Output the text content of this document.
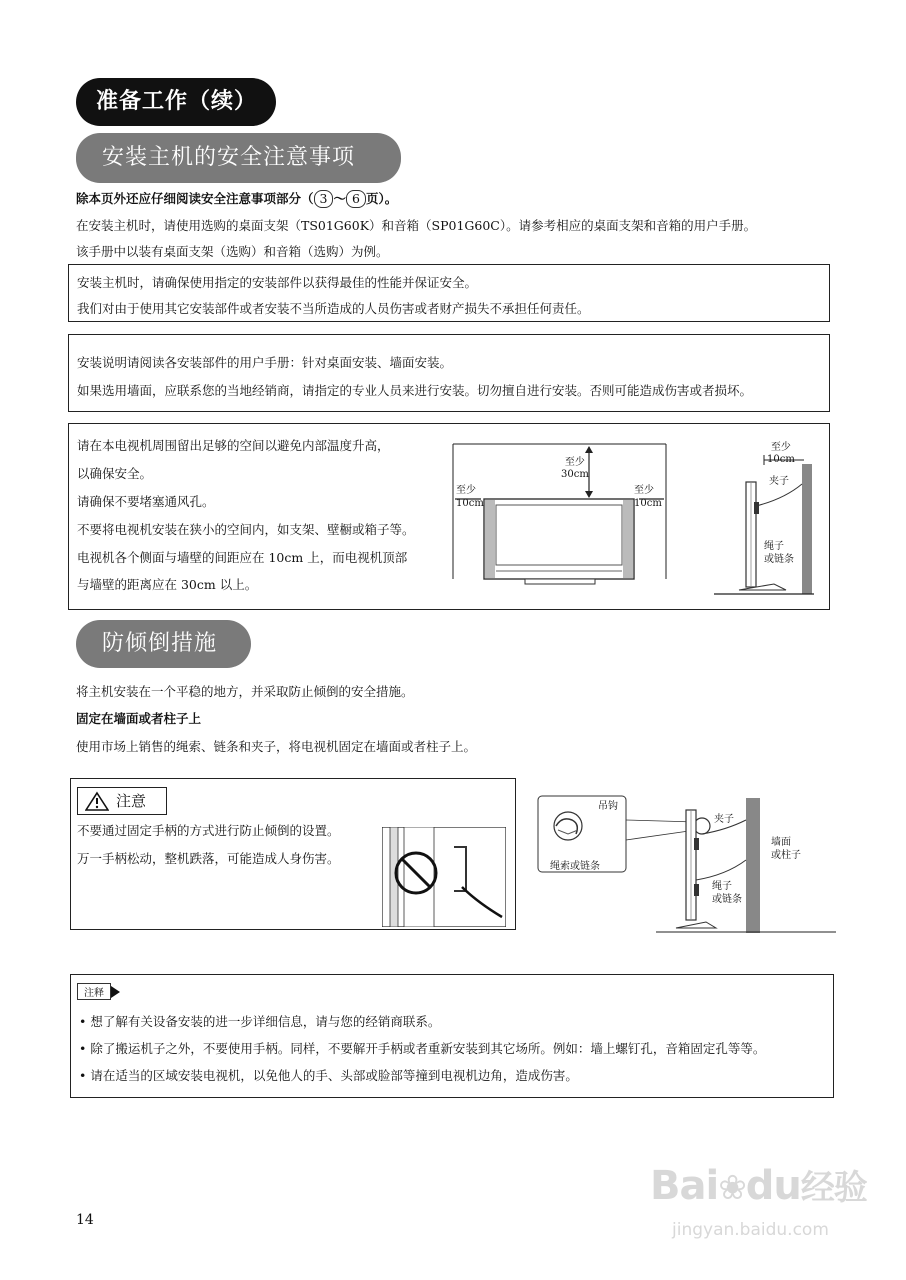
准备工作（续）
安装主机的安全注意事项
除本页外还应仔细阅读安全注意事项部分（ 3 ～ 6 页）。
在安装主机时，请使用选购的桌面支架（TS01G60K）和音箱（SP01G60C）。请参考相应的桌面支架和音箱的用户手册。
该手册中以装有桌面支架（选购）和音箱（选购）为例。
安装主机时，请确保使用指定的安装部件以获得最佳的性能并保证安全。
我们对由于使用其它安装部件或者安装不当所造成的人员伤害或者财产损失不承担任何责任。
安装说明请阅读各安装部件的用户手册：针对桌面安装、墙面安装。
如果选用墙面，应联系您的当地经销商，请指定的专业人员来进行安装。切勿擅自进行安装。否则可能造成伤害或者损坏。
请在本电视机周围留出足够的空间以避免内部温度升高，
以确保安全。
请确保不要堵塞通风孔。
不要将电视机安装在狭小的空间内，如支架、壁橱或箱子等。
电视机各个侧面与墙壁的间距应在 10cm 上，而电视机顶部
与墙壁的距离应在 30cm 以上。
至少
30cm
至少
10cm
至少
10cm
至少
10cm
夹子
绳子
或链条
防倾倒措施
将主机安装在一个平稳的地方，并采取防止倾倒的安全措施。
固定在墙面或者柱子上
使用市场上销售的绳索、链条和夹子，将电视机固定在墙面或者柱子上。
注意
不要通过固定手柄的方式进行防止倾倒的设置。
万一手柄松动，整机跌落，可能造成人身伤害。
吊钩
绳索或链条
夹子
墙面
或柱子
绳子
或链条
注释
• 想了解有关设备安装的进一步详细信息，请与您的经销商联系。
• 除了搬运机子之外，不要使用手柄。同样，不要解开手柄或者重新安装到其它场所。例如：墙上螺钉孔，音箱固定孔等等。
• 请在适当的区域安装电视机，以免他人的手、头部或脸部等撞到电视机边角，造成伤害。
14
Bai❀du经验
jingyan.baidu.com
